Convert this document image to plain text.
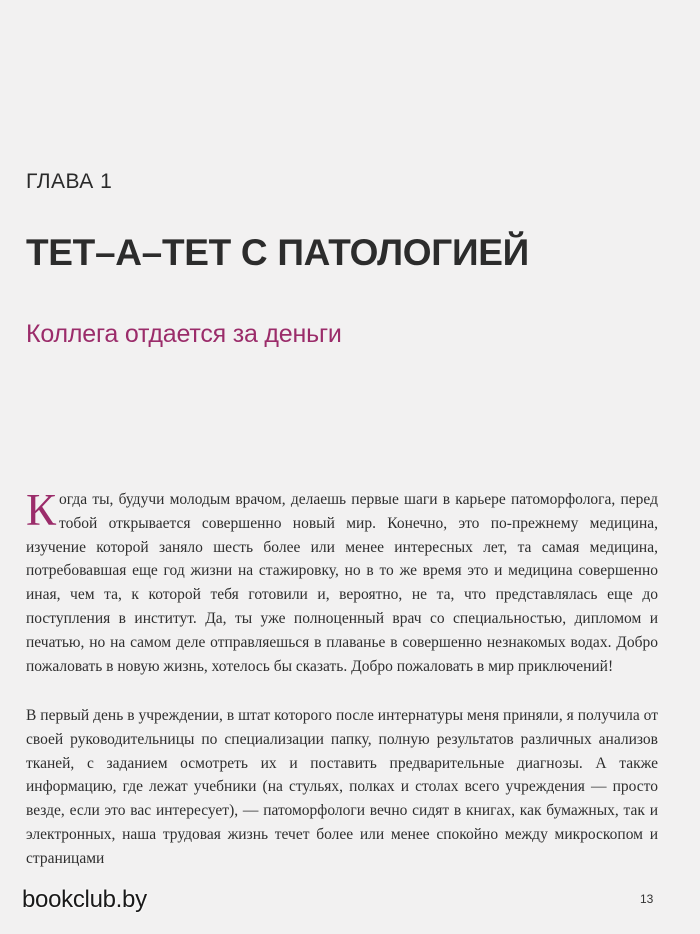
ГЛАВА 1
ТЕТ–А–ТЕТ С ПАТОЛОГИЕЙ
Коллега отдается за деньги

Когда ты, будучи молодым врачом, делаешь первые шаги в карьере патоморфолога, перед тобой открывается совершенно новый мир. Конечно, это по-прежнему медицина, изучение которой заняло шесть более или менее интересных лет, та самая медицина, потребовавшая еще год жизни на стажировку, но в то же время это и медицина совершенно иная, чем та, к которой тебя готовили и, вероятно, не та, что представлялась еще до поступления в институт. Да, ты уже полноценный врач со специальностью, дипломом и печатью, но на самом деле отправляешься в плаванье в совершенно незнакомых водах. Добро пожаловать в новую жизнь, хотелось бы сказать. Добро пожаловать в мир приключений!

В первый день в учреждении, в штат которого после интернатуры меня приняли, я получила от своей руководительницы по специализации папку, полную результатов различных анализов тканей, с заданием осмотреть их и поставить предварительные диагнозы. А также информацию, где лежат учебники (на стульях, полках и столах всего учреждения — просто везде, если это вас интересует), — патоморфологи вечно сидят в книгах, как бумажных, так и электронных, наша трудовая жизнь течет более или менее спокойно между микроскопом и страницами

bookclub.by	13
